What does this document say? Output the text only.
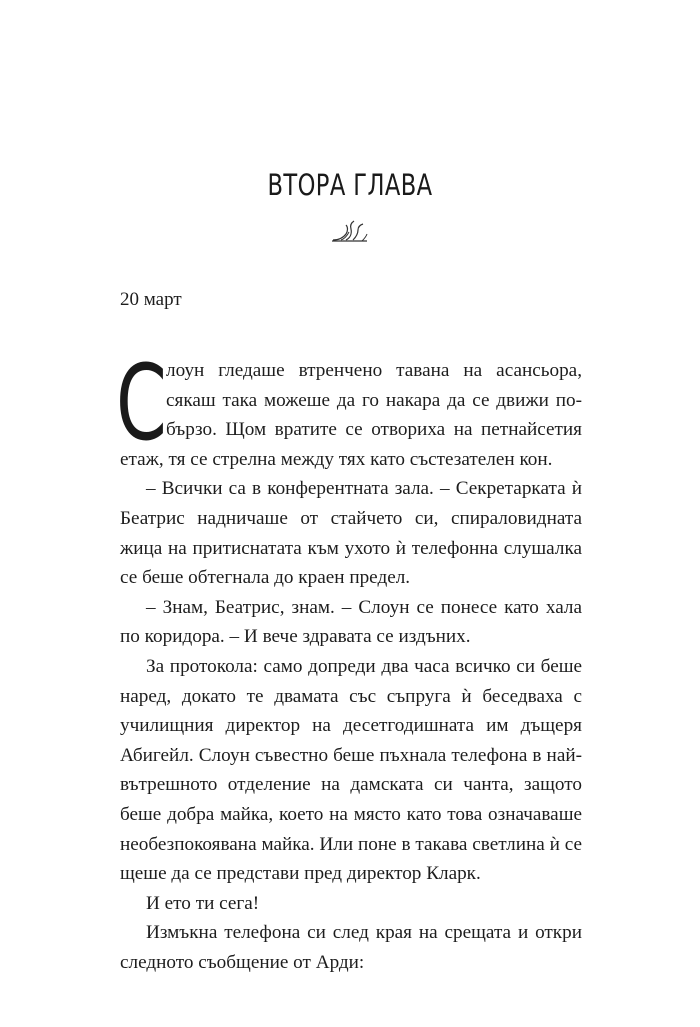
ВТОРА ГЛАВА

20 март

Слоун гледаше втренчено тавана на асансьора, сякаш така можеше да го накара да се движи по-бързо. Щом вратите се отвориха на петнайсетия етаж, тя се стрелна между тях като състезателен кон.

– Всички са в конферентната зала. – Секретарката ѝ Беатрис надничаше от стайчето си, спираловидната жица на притиснатата към ухото ѝ телефонна слушалка се беше обтегнала до краен предел.

– Знам, Беатрис, знам. – Слоун се понесе като хала по коридора. – И вече здравата се издъних.

За протокола: само допреди два часа всичко си беше наред, докато те двамата със съпруга ѝ беседваха с училищния директор на десетгодишната им дъщеря Абигейл. Слоун съвестно беше пъхнала телефона в най-вътрешното отделение на дамската си чанта, защото беше добра майка, което на място като това означаваше необезпокоявана майка. Или поне в такава светлина ѝ се щеше да се представи пред директор Кларк.

И ето ти сега!

Измъкна телефона си след края на срещата и откри следното съобщение от Арди:
